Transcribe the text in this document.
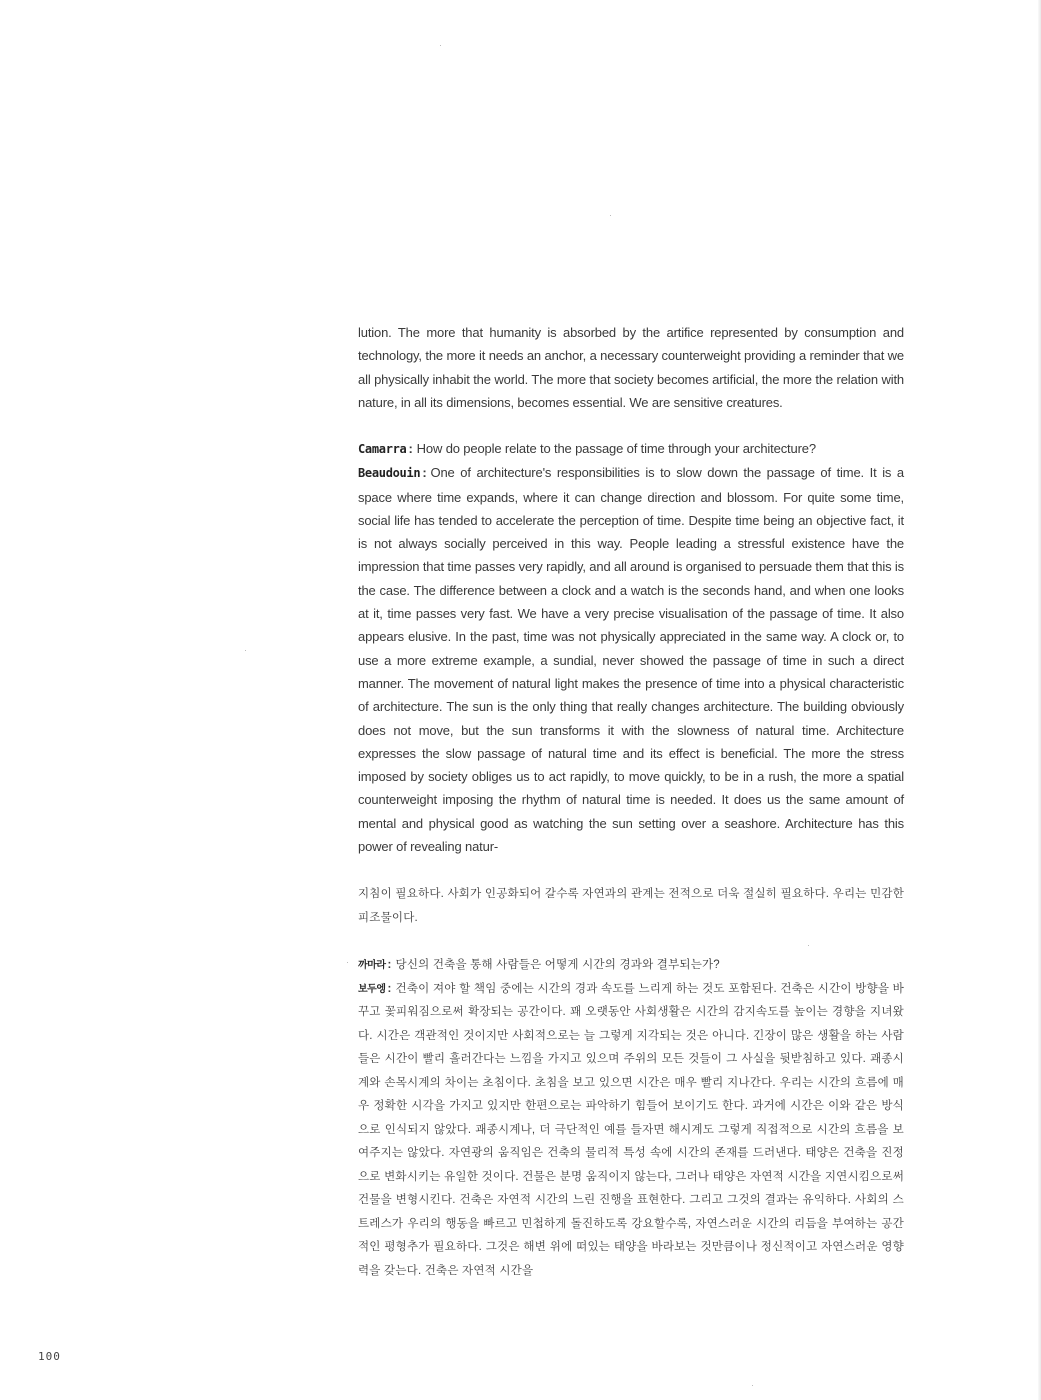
lution. The more that humanity is absorbed by the artifice represented by consumption and technology, the more it needs an anchor, a necessary counterweight providing a reminder that we all physically inhabit the world. The more that society becomes artificial, the more the relation with nature, in all its dimensions, becomes essential. We are sensitive creatures.

Camarra : How do people relate to the passage of time through your architecture?

Beaudouin : One of architecture's responsibilities is to slow down the passage of time. It is a space where time expands, where it can change direction and blossom. For quite some time, social life has tended to accelerate the perception of time. Despite time being an objective fact, it is not always socially perceived in this way. People leading a stressful existence have the impression that time passes very rapidly, and all around is organised to persuade them that this is the case. The difference between a clock and a watch is the seconds hand, and when one looks at it, time passes very fast. We have a very precise visualisation of the passage of time. It also appears elusive. In the past, time was not physically appreciated in the same way. A clock or, to use a more extreme example, a sundial, never showed the passage of time in such a direct manner. The movement of natural light makes the presence of time into a physical characteristic of architecture. The sun is the only thing that really changes architecture. The building obviously does not move, but the sun transforms it with the slowness of natural time. Architecture expresses the slow passage of natural time and its effect is beneficial. The more the stress imposed by society obliges us to act rapidly, to move quickly, to be in a rush, the more a spatial counterweight imposing the rhythm of natural time is needed. It does us the same amount of mental and physical good as watching the sun setting over a seashore. Architecture has this power of revealing natur-

지침이 필요하다. 사회가 인공화되어 갈수록 자연과의 관계는 전적으로 더욱 절실히 필요하다. 우리는 민감한 피조물이다.

까마라 : 당신의 건축을 통해 사람들은 어떻게 시간의 경과와 결부되는가?

보두엥 : 건축이 져야 할 책임 중에는 시간의 경과 속도를 느리게 하는 것도 포함된다. 건축은 시간이 방향을 바꾸고 꽃피워짐으로써 확장되는 공간이다. 꽤 오랫동안 사회생활은 시간의 감지속도를 높이는 경향을 지녀왔다. 시간은 객관적인 것이지만 사회적으로는 늘 그렇게 지각되는 것은 아니다. 긴장이 많은 생활을 하는 사람들은 시간이 빨리 흘러간다는 느낌을 가지고 있으며 주위의 모든 것들이 그 사실을 뒷받침하고 있다. 괘종시계와 손목시계의 차이는 초침이다. 초침을 보고 있으면 시간은 매우 빨리 지나간다. 우리는 시간의 흐름에 매우 정확한 시각을 가지고 있지만 한편으로는 파악하기 힘들어 보이기도 한다. 과거에 시간은 이와 같은 방식으로 인식되지 않았다. 괘종시계나, 더 극단적인 예를 들자면 해시계도 그렇게 직접적으로 시간의 흐름을 보여주지는 않았다. 자연광의 움직임은 건축의 물리적 특성 속에 시간의 존재를 드러낸다. 태양은 건축을 진정으로 변화시키는 유일한 것이다. 건물은 분명 움직이지 않는다, 그러나 태양은 자연적 시간을 지연시킴으로써 건물을 변형시킨다. 건축은 자연적 시간의 느린 진행을 표현한다. 그리고 그것의 결과는 유익하다. 사회의 스트레스가 우리의 행동을 빠르고 민첩하게 돌진하도록 강요할수록, 자연스러운 시간의 리듬을 부여하는 공간적인 평형추가 필요하다. 그것은 해변 위에 떠있는 태양을 바라보는 것만큼이나 정신적이고 자연스러운 영향력을 갖는다. 건축은 자연적 시간을

100
